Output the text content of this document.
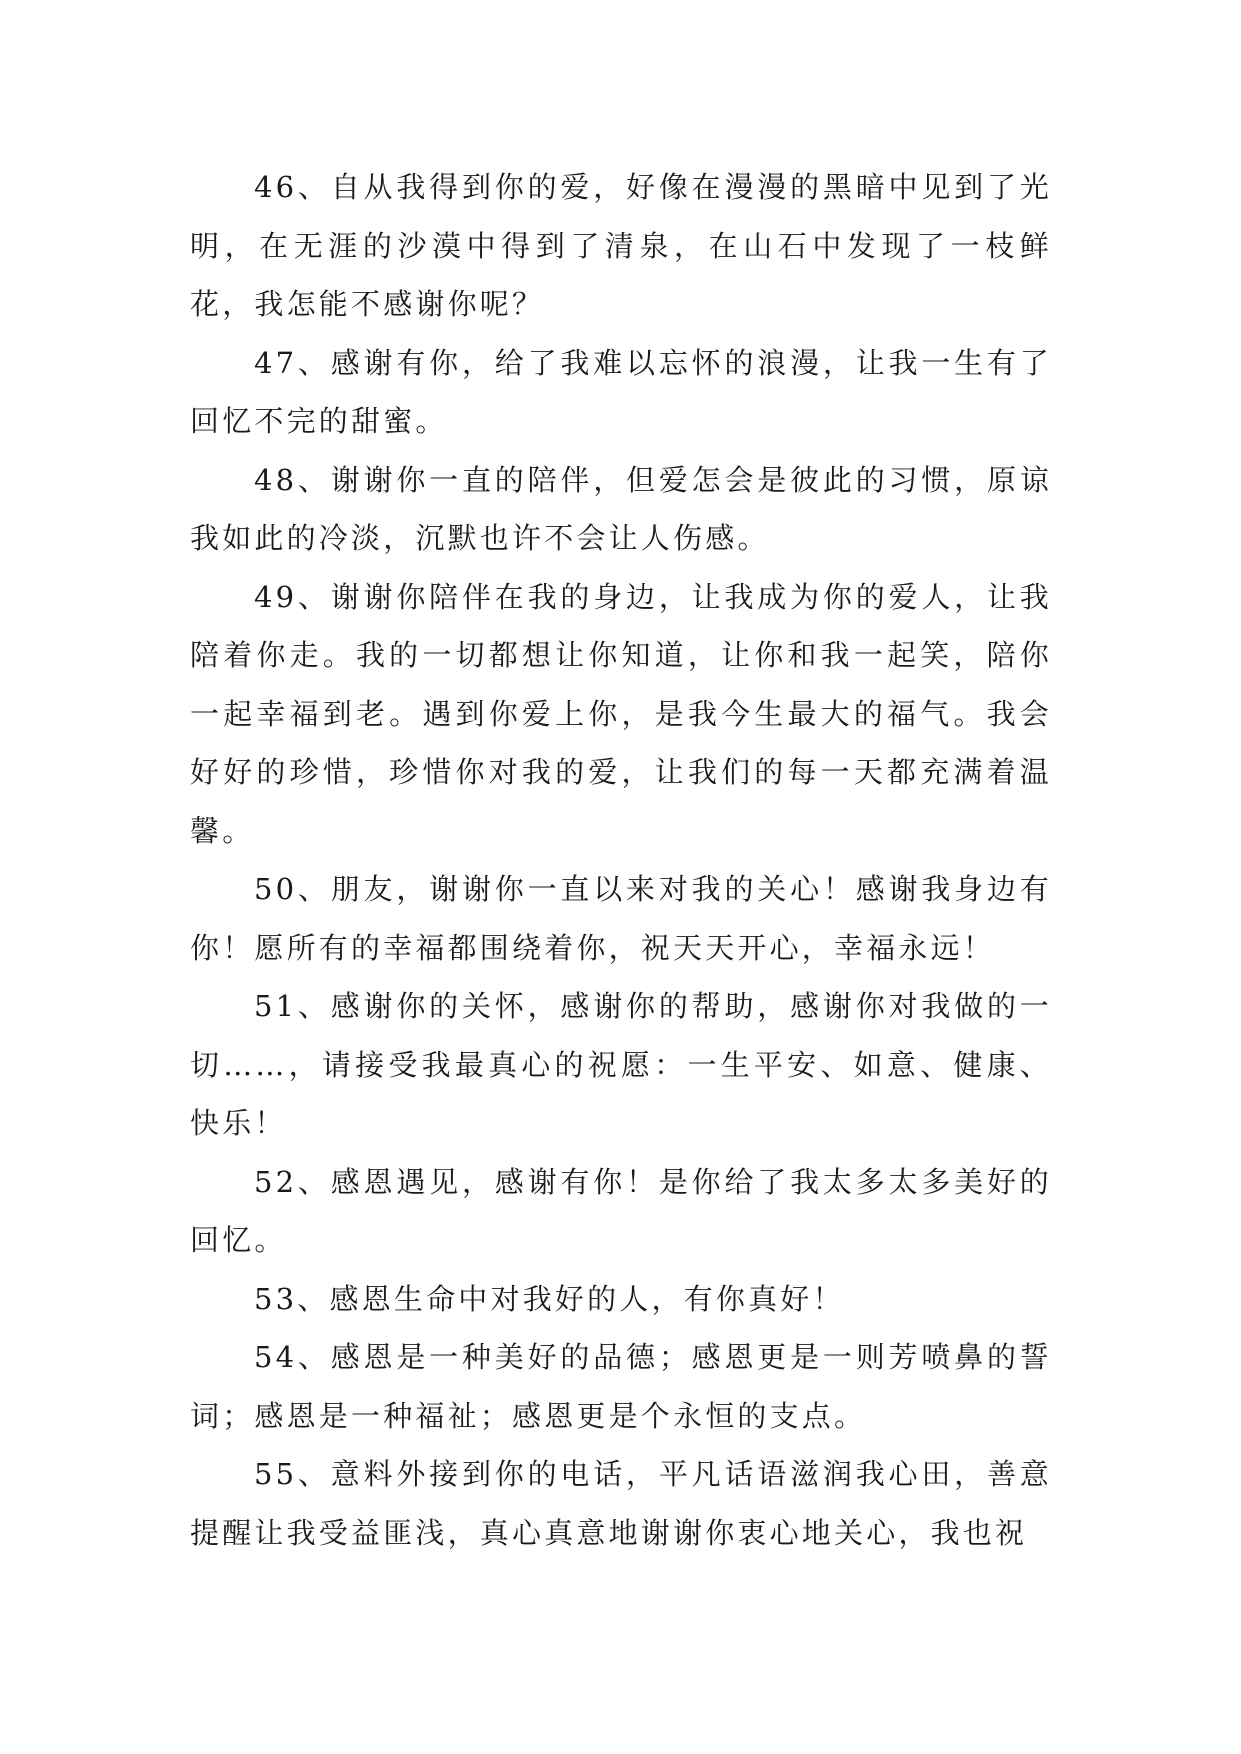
46、自从我得到你的爱，好像在漫漫的黑暗中见到了光明，在无涯的沙漠中得到了清泉，在山石中发现了一枝鲜花，我怎能不感谢你呢？

47、感谢有你，给了我难以忘怀的浪漫，让我一生有了回忆不完的甜蜜。

48、谢谢你一直的陪伴，但爱怎会是彼此的习惯，原谅我如此的冷淡，沉默也许不会让人伤感。

49、谢谢你陪伴在我的身边，让我成为你的爱人，让我陪着你走。我的一切都想让你知道，让你和我一起笑，陪你一起幸福到老。遇到你爱上你，是我今生最大的福气。我会好好的珍惜，珍惜你对我的爱，让我们的每一天都充满着温馨。

50、朋友，谢谢你一直以来对我的关心！感谢我身边有你！愿所有的幸福都围绕着你，祝天天开心，幸福永远！

51、感谢你的关怀，感谢你的帮助，感谢你对我做的一切……，请接受我最真心的祝愿：一生平安、如意、健康、快乐！

52、感恩遇见，感谢有你！是你给了我太多太多美好的回忆。

53、感恩生命中对我好的人，有你真好！

54、感恩是一种美好的品德；感恩更是一则芳喷鼻的誓词；感恩是一种福祉；感恩更是个永恒的支点。

55、意料外接到你的电话，平凡话语滋润我心田，善意提醒让我受益匪浅，真心真意地谢谢你衷心地关心，我也祝
